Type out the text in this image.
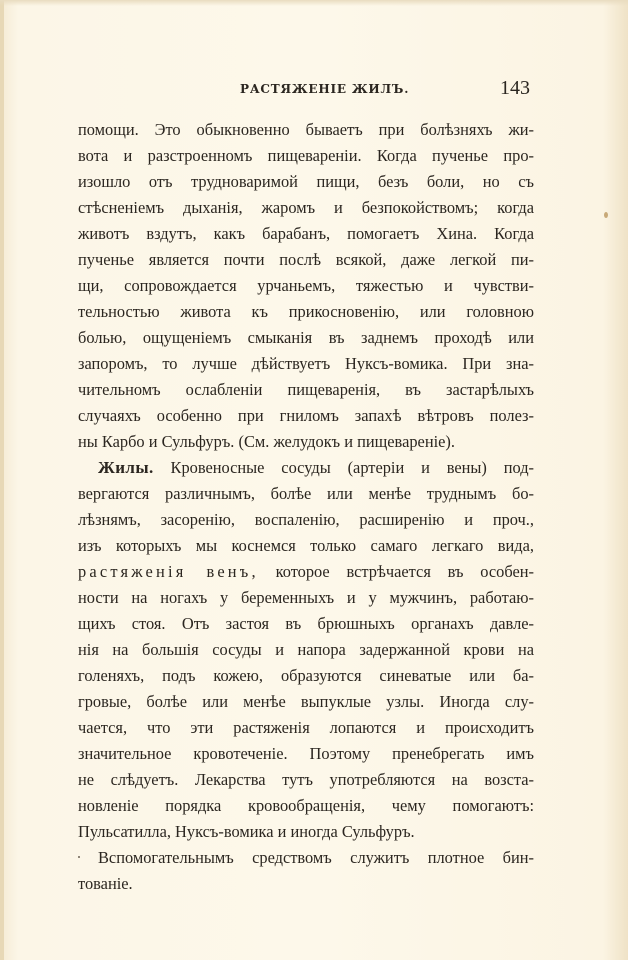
РАСТЯЖЕНІЕ ЖИЛЪ.	143
помощи. Это обыкновенно бываетъ при болѣзняхъ жи-
вота и разстроенномъ пищевареніи. Когда пученье про-
изошло отъ трудноваримой пищи, безъ боли, но съ
стѣсненіемъ дыханія, жаромъ и безпокойствомъ; когда
животъ вздутъ, какъ барабанъ, помогаетъ Хина. Когда
пученье является почти послѣ всякой, даже легкой пи-
щи, сопровождается урчаньемъ, тяжестью и чувстви-
тельностью живота къ прикосновенію, или головною
болью, ощущеніемъ смыканія въ заднемъ проходѣ или
запоромъ, то лучше дѣйствуетъ Нуксъ-вомика. При зна-
чительномъ ослабленіи пищеваренія, въ застарѣлыхъ
случаяхъ особенно при гниломъ запахѣ вѣтровъ полез-
ны Карбо и Сульфуръ. (См. желудокъ и пищевареніе).
Жилы. Кровеносные сосуды (артеріи и вены) под-
вергаются различнымъ, болѣе или менѣе труднымъ бо-
лѣзнямъ, засоренію, воспаленію, расширенію и проч.,
изъ которыхъ мы коснемся только самаго легкаго вида,
растяженія венъ, которое встрѣчается въ особен-
ности на ногахъ у беременныхъ и у мужчинъ, работаю-
щихъ стоя. Отъ застоя въ брюшныхъ органахъ давле-
нія на большія сосуды и напора задержанной крови на
голеняхъ, подъ кожею, образуются синеватые или ба-
гровые, болѣе или менѣе выпуклые узлы. Иногда слу-
чается, что эти растяженія лопаются и происходитъ
значительное кровотеченіе. Поэтому пренебрегать имъ
не слѣдуетъ. Лекарства тутъ употребляются на возста-
новленіе порядка кровообращенія, чему помогаютъ:
Пульсатилла, Нуксъ-вомика и иногда Сульфуръ.
Вспомогательнымъ средствомъ служитъ плотное бин-
тованіе.
